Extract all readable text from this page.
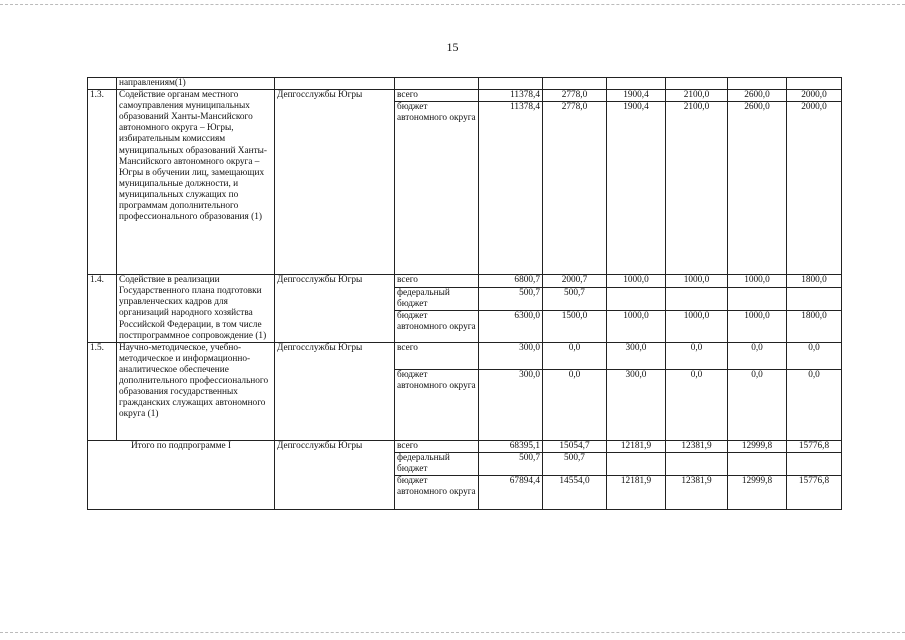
15
	направлениям(1)								
1.3.	Содействие органам местного самоуправления муниципальных образований Ханты-Мансийского автономного округа – Югры, избирательным комиссиям муниципальных образований Ханты-Мансийского автономного округа –Югры в обучении лиц, замещающих муниципальные должности, и муниципальных служащих по программам дополнительного профессионального образования (1)	Депгосслужбы Югры	всего	11378,4	2778,0	1900,4	2100,0	2600,0	2000,0
			бюджет автономного округа	11378,4	2778,0	1900,4	2100,0	2600,0	2000,0
1.4.	Содействие в реализации Государственного плана подготовки управленческих кадров для организаций народного хозяйства Российской Федерации, в том числе постпрограммное сопровождение (1)	Депгосслужбы Югры	всего	6800,7	2000,7	1000,0	1000,0	1000,0	1800,0
			федеральный бюджет	500,7	500,7				
			бюджет автономного округа	6300,0	1500,0	1000,0	1000,0	1000,0	1800,0
1.5.	Научно-методическое, учебно-методическое и информационно-аналитическое обеспечение дополнительного профессионального образования государственных гражданских служащих автономного округа (1)	Депгосслужбы Югры	всего	300,0	0,0	300,0	0,0	0,0	0,0
			бюджет автономного округа	300,0	0,0	300,0	0,0	0,0	0,0
Итого по подпрограмме I		Депгосслужбы Югры	всего	68395,1	15054,7	12181,9	12381,9	12999,8	15776,8
			федеральный бюджет	500,7	500,7				
			бюджет автономного округа	67894,4	14554,0	12181,9	12381,9	12999,8	15776,8
